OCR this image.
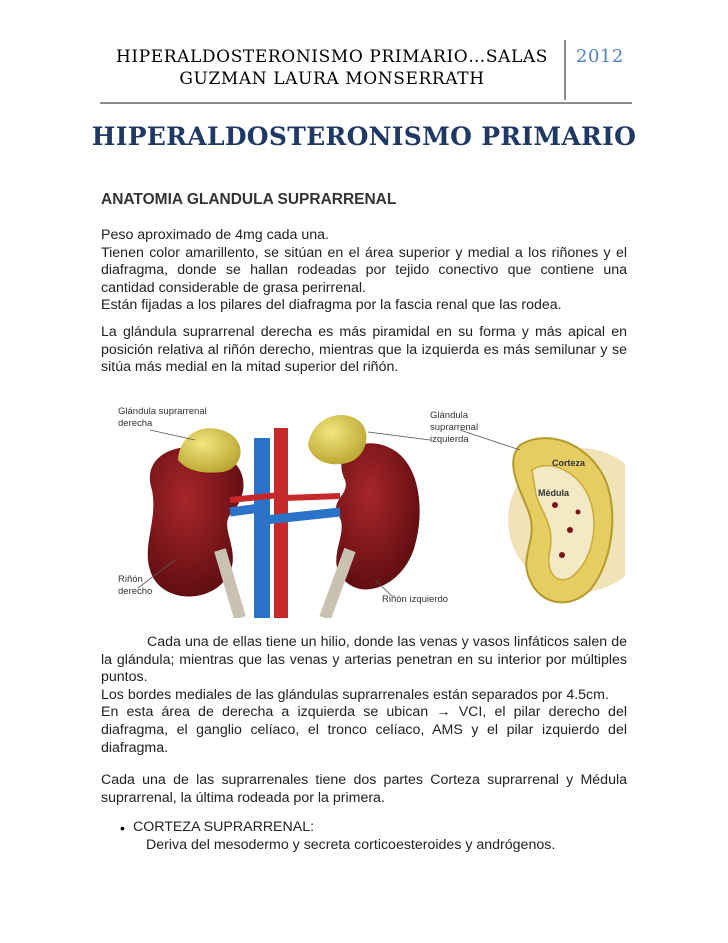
HIPERALDOSTERONISMO PRIMARIO…SALAS
GUZMAN LAURA MONSERRATH
2012
HIPERALDOSTERONISMO PRIMARIO
ANATOMIA GLANDULA SUPRARRENAL
Peso aproximado de 4mg cada una.
Tienen color amarillento, se sitúan en el área superior y medial a los riñones y el diafragma, donde se hallan rodeadas por tejido conectivo que contiene una cantidad considerable de grasa perirrenal.
Están fijadas a los pilares del diafragma por la fascia renal que las rodea.
La glándula suprarrenal derecha es más piramidal en su forma y más apical en posición relativa al riñón derecho, mientras que la izquierda es más semilunar y se sitúa más medial en la mitad superior del riñón.
Glándula suprarrenal
derecha
Glándula
suprarrenal
izquierda
Riñón
derecho
Riñón izquierdo
Corteza
Médula
Cada una de ellas tiene un hilio, donde las venas y vasos linfáticos salen de la glándula; mientras que las venas y arterias penetran en su interior por múltiples puntos.
Los bordes mediales de las glándulas suprarrenales están separados por 4.5cm.
En esta área de derecha a izquierda se ubican → VCI, el pilar derecho del diafragma, el ganglio celíaco, el tronco celíaco, AMS y el pilar izquierdo del diafragma.
Cada una de las suprarrenales tiene dos partes Corteza suprarrenal y Médula suprarrenal, la última rodeada por la primera.
• CORTEZA SUPRARRENAL:
Deriva del mesodermo y secreta corticoesteroides y andrógenos.
